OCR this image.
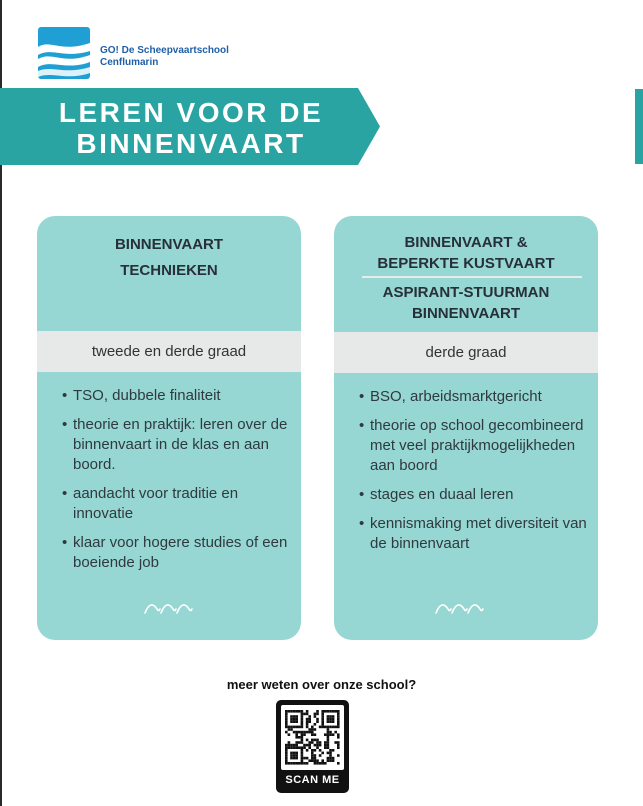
GO! De Scheepvaartschool
Cenflumarin
LEREN VOOR DE
BINNENVAART
BINNENVAART
TECHNIEKEN
tweede en derde graad
• TSO, dubbele finaliteit
• theorie en praktijk: leren over de binnenvaart in de klas en aan boord.
• aandacht voor traditie en innovatie
• klaar voor hogere studies of een boeiende job
BINNENVAART &
BEPERKTE KUSTVAART
ASPIRANT-STUURMAN
BINNENVAART
derde graad
• BSO, arbeidsmarktgericht
• theorie op school gecombineerd met veel praktijkmogelijkheden aan boord
• stages en duaal leren
• kennismaking met diversiteit van de binnenvaart
meer weten over onze school?
SCAN ME
